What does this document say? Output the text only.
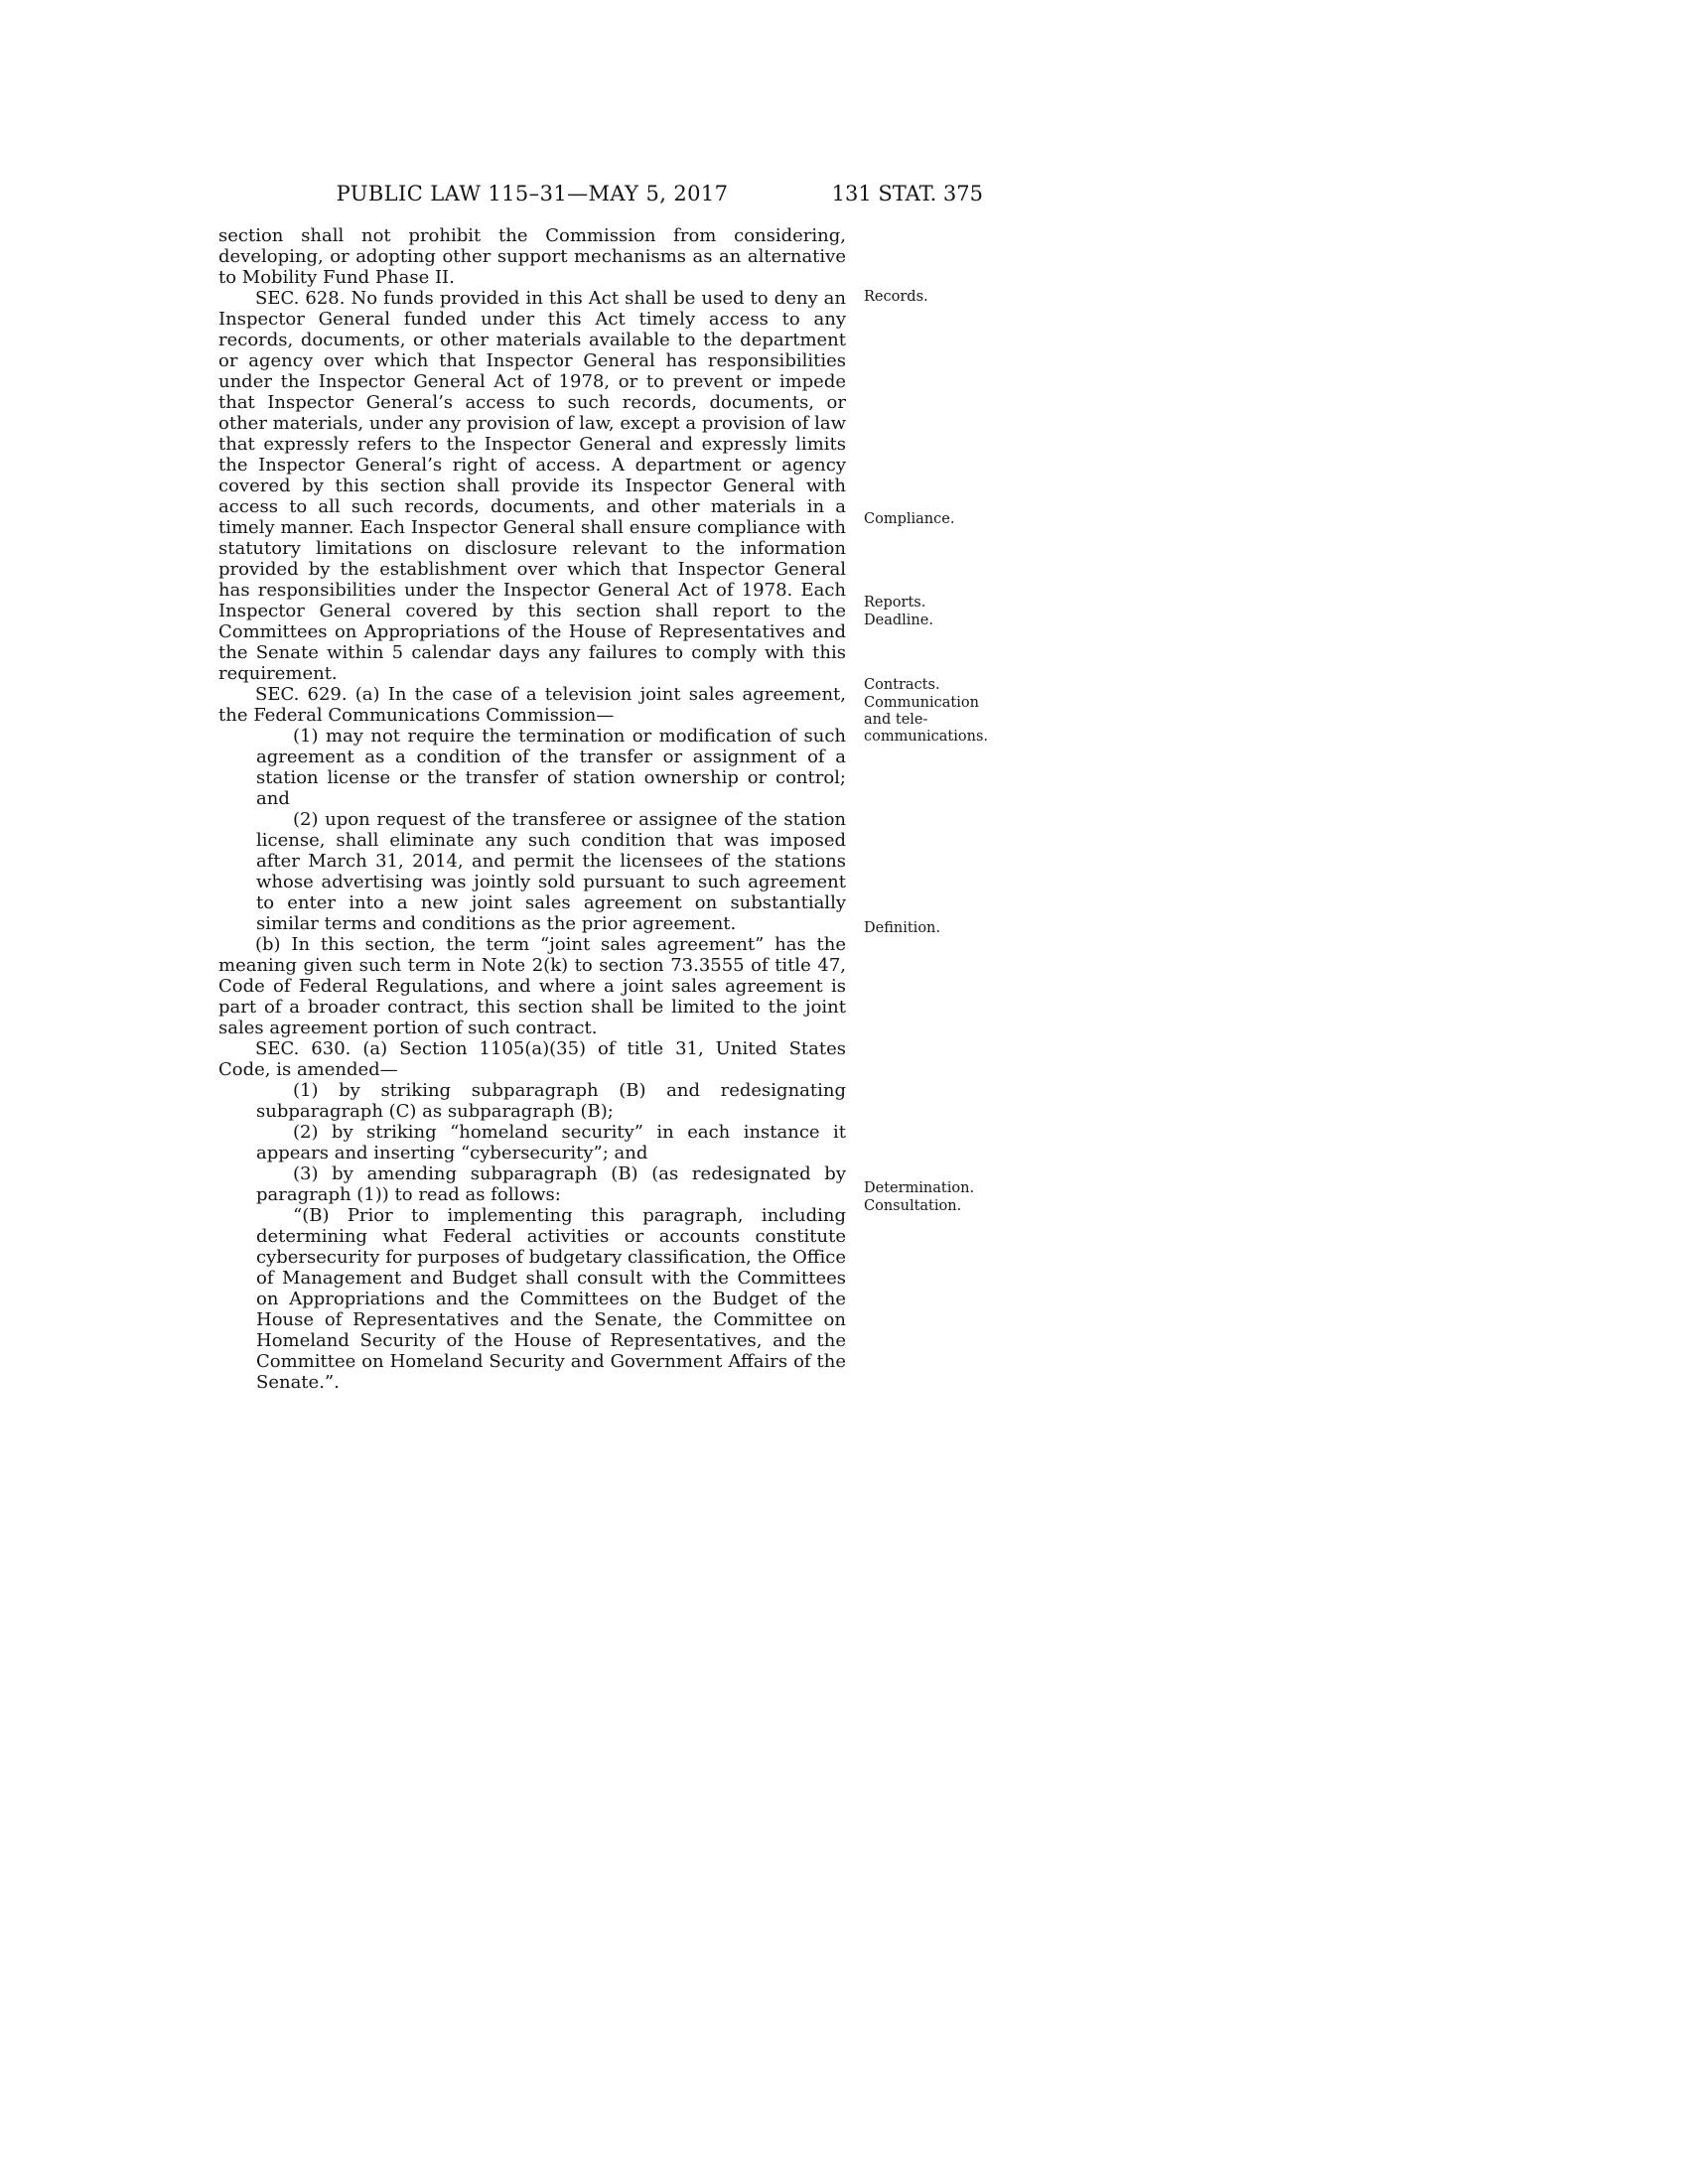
PUBLIC LAW 115–31—MAY 5, 2017	131 STAT. 375

section shall not prohibit the Commission from considering, developing, or adopting other support mechanisms as an alternative to Mobility Fund Phase II.

SEC. 628. No funds provided in this Act shall be used to deny an Inspector General funded under this Act timely access to any records, documents, or other materials available to the department or agency over which that Inspector General has responsibilities under the Inspector General Act of 1978, or to prevent or impede that Inspector General’s access to such records, documents, or other materials, under any provision of law, except a provision of law that expressly refers to the Inspector General and expressly limits the Inspector General’s right of access. A department or agency covered by this section shall provide its Inspector General with access to all such records, documents, and other materials in a timely manner. Each Inspector General shall ensure compliance with statutory limitations on disclosure relevant to the information provided by the establishment over which that Inspector General has responsibilities under the Inspector General Act of 1978. Each Inspector General covered by this section shall report to the Committees on Appropriations of the House of Representatives and the Senate within 5 calendar days any failures to comply with this requirement.

SEC. 629. (a) In the case of a television joint sales agreement, the Federal Communications Commission—

(1) may not require the termination or modification of such agreement as a condition of the transfer or assignment of a station license or the transfer of station ownership or control; and

(2) upon request of the transferee or assignee of the station license, shall eliminate any such condition that was imposed after March 31, 2014, and permit the licensees of the stations whose advertising was jointly sold pursuant to such agreement to enter into a new joint sales agreement on substantially similar terms and conditions as the prior agreement.

(b) In this section, the term “joint sales agreement” has the meaning given such term in Note 2(k) to section 73.3555 of title 47, Code of Federal Regulations, and where a joint sales agreement is part of a broader contract, this section shall be limited to the joint sales agreement portion of such contract.

SEC. 630. (a) Section 1105(a)(35) of title 31, United States Code, is amended—

(1) by striking subparagraph (B) and redesignating subparagraph (C) as subparagraph (B);

(2) by striking “homeland security” in each instance it appears and inserting “cybersecurity”; and

(3) by amending subparagraph (B) (as redesignated by paragraph (1)) to read as follows:

“(B) Prior to implementing this paragraph, including determining what Federal activities or accounts constitute cybersecurity for purposes of budgetary classification, the Office of Management and Budget shall consult with the Committees on Appropriations and the Committees on the Budget of the House of Representatives and the Senate, the Committee on Homeland Security of the House of Representatives, and the Committee on Homeland Security and Government Affairs of the Senate.”.

Records.
Compliance.
Reports.
Deadline.
Contracts.
Communication and telecommunications.
Definition.
Determination.
Consultation.
